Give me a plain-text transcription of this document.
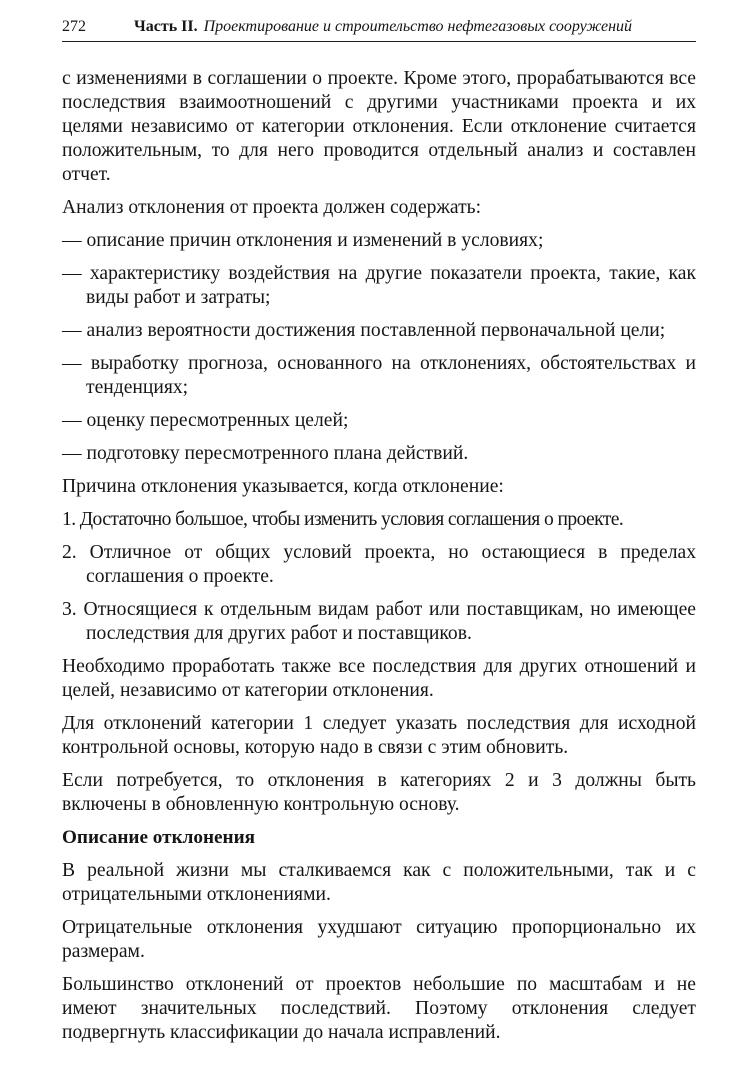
272	Часть II. Проектирование и строительство нефтегазовых сооружений

с изменениями в соглашении о проекте. Кроме этого, прорабатываются все последствия взаимоотношений с другими участниками проекта и их целями независимо от категории отклонения. Если отклонение считается положительным, то для него проводится отдельный анализ и составлен отчет.

Анализ отклонения от проекта должен содержать:

— описание причин отклонения и изменений в условиях;

— характеристику воздействия на другие показатели проекта, такие, как виды работ и затраты;

— анализ вероятности достижения поставленной первоначальной цели;

— выработку прогноза, основанного на отклонениях, обстоятельствах и тенденциях;

— оценку пересмотренных целей;

— подготовку пересмотренного плана действий.

Причина отклонения указывается, когда отклонение:

1. Достаточно большое, чтобы изменить условия соглашения о проекте.

2. Отличное от общих условий проекта, но остающиеся в пределах соглашения о проекте.

3. Относящиеся к отдельным видам работ или поставщикам, но имеющее последствия для других работ и поставщиков.

Необходимо проработать также все последствия для других отношений и целей, независимо от категории отклонения.

Для отклонений категории 1 следует указать последствия для исходной контрольной основы, которую надо в связи с этим обновить.

Если потребуется, то отклонения в категориях 2 и 3 должны быть включены в обновленную контрольную основу.

Описание отклонения

В реальной жизни мы сталкиваемся как с положительными, так и с отрицательными отклонениями.

Отрицательные отклонения ухудшают ситуацию пропорционально их размерам.

Большинство отклонений от проектов небольшие по масштабам и не имеют значительных последствий. Поэтому отклонения следует подвергнуть классификации до начала исправлений.
